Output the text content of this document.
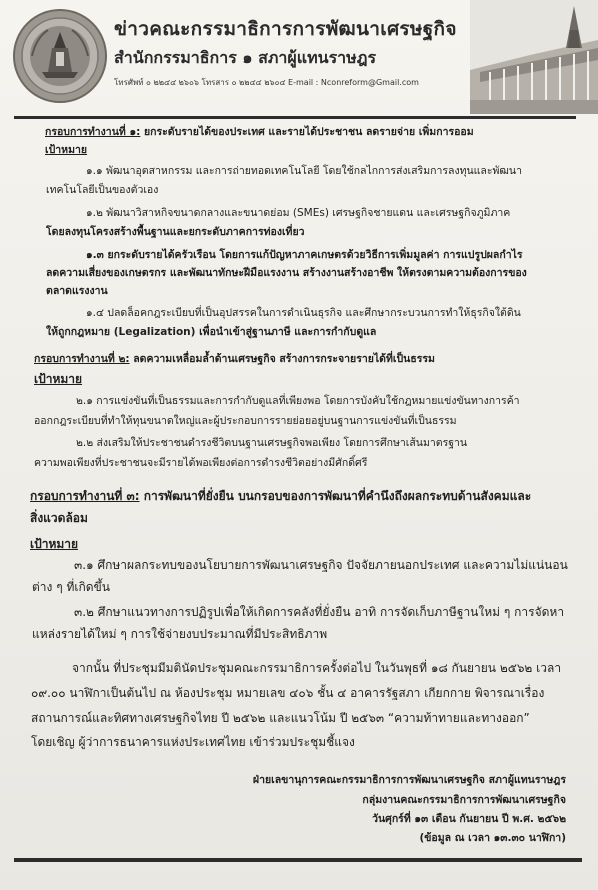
ข่าวคณะกรรมาธิการการพัฒนาเศรษฐกิจ
สำนักกรรมาธิการ ๑ สภาผู้แทนราษฎร
โทรศัพท์ ๐ ๒๒๔๔ ๒๖๐๖ โทรสาร ๐ ๒๒๔๔ ๒๖๐๔ E-mail : Nconreform@Gmail.com
กรอบการทำงานที่ ๑: ยกระดับรายได้ของประเทศ และรายได้ประชาชน ลดรายจ่าย เพิ่มการออม
เป้าหมาย
๑.๑ พัฒนาอุตสาหกรรม และการถ่ายทอดเทคโนโลยี โดยใช้กลไกการส่งเสริมการลงทุนและพัฒนา
เทคโนโลยีเป็นของตัวเอง
๑.๒ พัฒนาวิสาหกิจขนาดกลางและขนาดย่อม (SMEs) เศรษฐกิจชายแดน และเศรษฐกิจภูมิภาค
โดยลงทุนโครงสร้างพื้นฐานและยกระดับภาคการท่องเที่ยว
๑.๓ ยกระดับรายได้ครัวเรือน โดยการแก้ปัญหาภาคเกษตรด้วยวิธีการเพิ่มมูลค่า การแปรูปผลกำไร
ลดความเสี่ยงของเกษตรกร และพัฒนาทักษะฝีมือแรงงาน สร้างงานสร้างอาชีพ ให้ตรงตามความต้องการของ
ตลาดแรงงาน
๑.๔ ปลดล็อคกฎระเบียบที่เป็นอุปสรรคในการดำเนินธุรกิจ และศึกษากระบวนการทำให้ธุรกิจใต้ดิน
ให้ถูกกฎหมาย (Legalization) เพื่อนำเข้าสู่ฐานภาษี และการกำกับดูแล
กรอบการทำงานที่ ๒: ลดความเหลื่อมล้ำด้านเศรษฐกิจ สร้างการกระจายรายได้ที่เป็นธรรม
เป้าหมาย
๒.๑ การแข่งขันที่เป็นธรรมและการกำกับดูแลที่เพียงพอ โดยการบังคับใช้กฎหมายแข่งขันทางการค้า
ออกกฎระเบียบที่ทำให้ทุนขนาดใหญ่และผู้ประกอบการรายย่อยอยู่บนฐานการแข่งขันที่เป็นธรรม
๒.๒ ส่งเสริมให้ประชาชนดำรงชีวิตบนฐานเศรษฐกิจพอเพียง โดยการศึกษาเส้นมาตรฐาน
ความพอเพียงที่ประชาชนจะมีรายได้พอเพียงต่อการดำรงชีวิตอย่างมีศักดิ์ศรี
กรอบการทำงานที่ ๓: การพัฒนาที่ยั่งยืน บนกรอบของการพัฒนาที่คำนึงถึงผลกระทบด้านสังคมและ
สิ่งแวดล้อม
เป้าหมาย
๓.๑ ศึกษาผลกระทบของนโยบายการพัฒนาเศรษฐกิจ ปัจจัยภายนอกประเทศ และความไม่แน่นอน
ต่าง ๆ ที่เกิดขึ้น
๓.๒ ศึกษาแนวทางการปฏิรูปเพื่อให้เกิดการคลังที่ยั่งยืน อาทิ การจัดเก็บภาษีฐานใหม่ ๆ การจัดหา
แหล่งรายได้ใหม่ ๆ การใช้จ่ายงบประมาณที่มีประสิทธิภาพ
จากนั้น ที่ประชุมมีมตินัดประชุมคณะกรรมาธิการครั้งต่อไป ในวันพุธที่ ๑๘ กันยายน ๒๕๖๒ เวลา
๐๙.๐๐ นาฬิกาเป็นต้นไป ณ ห้องประชุม หมายเลข ๔๐๖ ชั้น ๔ อาคารรัฐสภา เกียกกาย พิจารณาเรื่อง
สถานการณ์และทิศทางเศรษฐกิจไทย ปี ๒๕๖๒ และแนวโน้ม ปี ๒๕๖๓ “ความท้าทายและทางออก”
โดยเชิญ ผู้ว่าการธนาคารแห่งประเทศไทย เข้าร่วมประชุมชี้แจง
ฝ่ายเลขานุการคณะกรรมาธิการการพัฒนาเศรษฐกิจ สภาผู้แทนราษฎร
กลุ่มงานคณะกรรมาธิการการพัฒนาเศรษฐกิจ
วันศุกร์ที่ ๑๓ เดือน กันยายน ปี พ.ศ. ๒๕๖๒
(ข้อมูล ณ เวลา ๑๓.๓๐ นาฬิกา)
